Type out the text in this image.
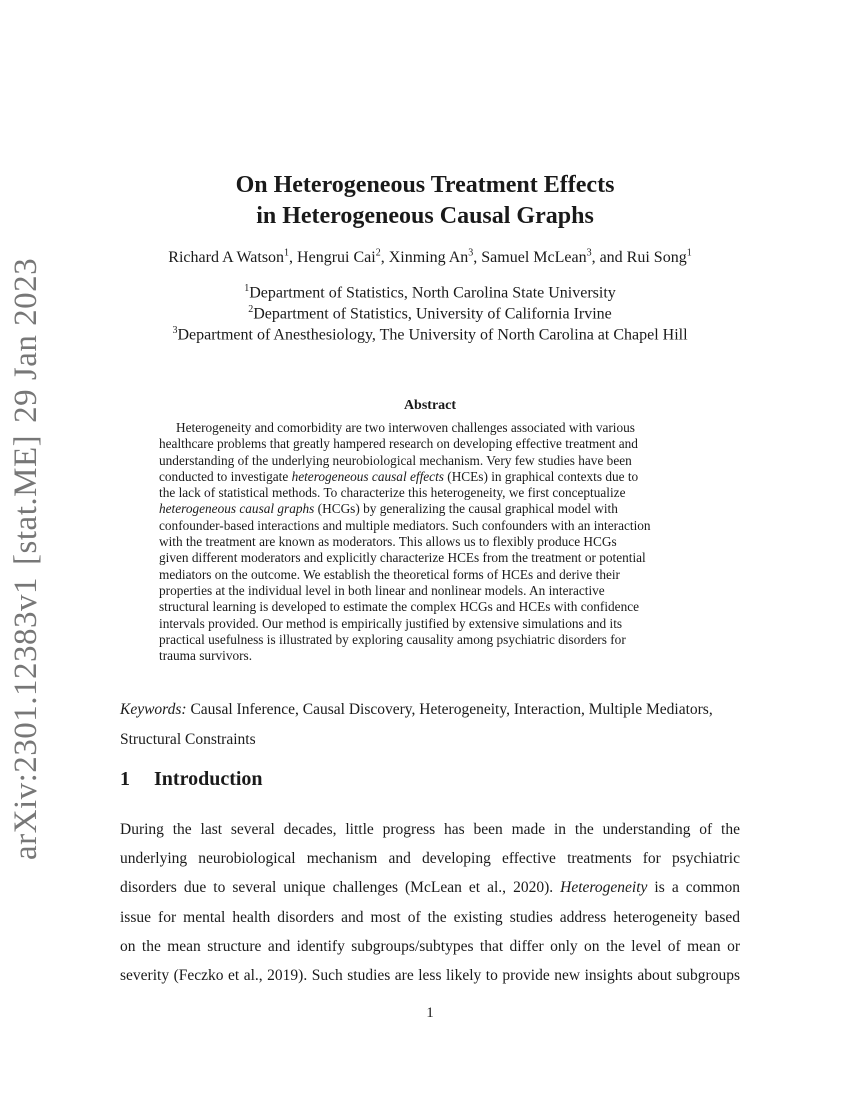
arXiv:2301.12383v1
[stat.ME]
29 Jan 2023
On Heterogeneous Treatment Effects
in Heterogeneous Causal Graphs
Richard A Watson$^1$, Hengrui Cai$^2$, Xinming An$^3$, Samuel McLean$^3$, and Rui Song$^1$
$^1$Department of Statistics, North Carolina State University
$^2$Department of Statistics, University of California Irvine
$^3$Department of Anesthesiology, The University of North Carolina at Chapel Hill
Abstract
Heterogeneity and comorbidity are two interwoven challenges associated with various
healthcare problems that greatly hampered research on developing effective treatment and
understanding of the underlying neurobiological mechanism. Very few studies have been
conducted to investigate heterogeneous causal effects (HCEs) in graphical contexts due to
the lack of statistical methods. To characterize this heterogeneity, we first conceptualize
heterogeneous causal graphs (HCGs) by generalizing the causal graphical model with
confounder-based interactions and multiple mediators. Such confounders with an interaction
with the treatment are known as moderators. This allows us to flexibly produce HCGs
given different moderators and explicitly characterize HCEs from the treatment or potential
mediators on the outcome. We establish the theoretical forms of HCEs and derive their
properties at the individual level in both linear and nonlinear models. An interactive
structural learning is developed to estimate the complex HCGs and HCEs with confidence
intervals provided. Our method is empirically justified by extensive simulations and its
practical usefulness is illustrated by exploring causality among psychiatric disorders for
trauma survivors.
Keywords: Causal Inference, Causal Discovery, Heterogeneity, Interaction, Multiple Mediators, Structural Constraints
1 Introduction
During the last several decades, little progress has been made in the understanding of the
underlying neurobiological mechanism and developing effective treatments for psychiatric
disorders due to several unique challenges (McLean et al., 2020). Heterogeneity is a common
issue for mental health disorders and most of the existing studies address heterogeneity based
on the mean structure and identify subgroups/subtypes that differ only on the level of mean or
severity (Feczko et al., 2019). Such studies are less likely to provide new insights about subgroups
1
